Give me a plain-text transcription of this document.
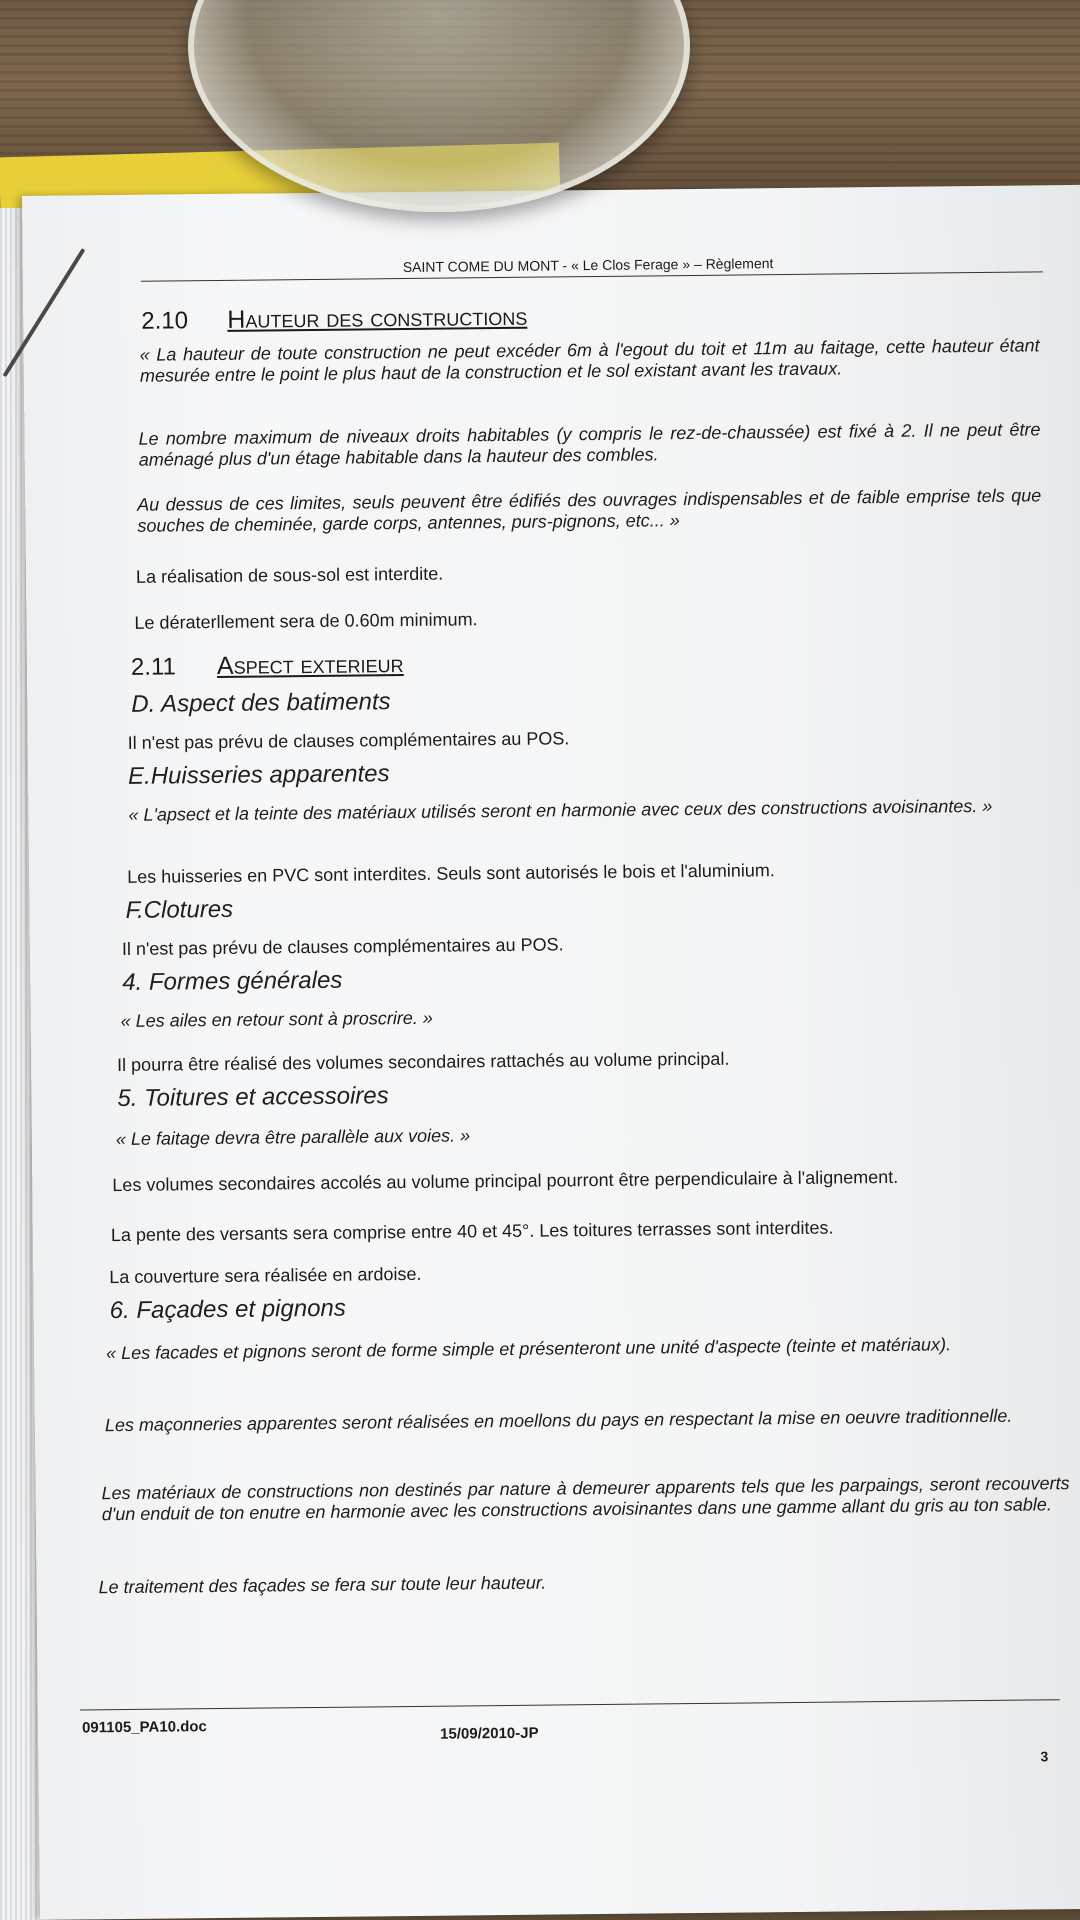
SAINT COME DU MONT - « Le Clos Ferage » – Règlement
2.10 Hauteur des constructions
« La hauteur de toute construction ne peut excéder 6m à l'egout du toit et 11m au faitage, cette hauteur étant mesurée entre le point le plus haut de la construction et le sol existant avant les travaux.
Le nombre maximum de niveaux droits habitables (y compris le rez-de-chaussée) est fixé à 2. Il ne peut être aménagé plus d'un étage habitable dans la hauteur des combles.
Au dessus de ces limites, seuls peuvent être édifiés des ouvrages indispensables et de faible emprise tels que souches de cheminée, garde corps, antennes, purs-pignons, etc... »
La réalisation de sous-sol est interdite.
Le dératerllement sera de 0.60m minimum.
2.11 Aspect exterieur
D. Aspect des batiments
Il n'est pas prévu de clauses complémentaires au POS.
E.Huisseries apparentes
« L'apsect et la teinte des matériaux utilisés seront en harmonie avec ceux des constructions avoisinantes. »
Les huisseries en PVC sont interdites. Seuls sont autorisés le bois et l'aluminium.
F.Clotures
Il n'est pas prévu de clauses complémentaires au POS.
4. Formes générales
« Les ailes en retour sont à proscrire. »
Il pourra être réalisé des volumes secondaires rattachés au volume principal.
5. Toitures et accessoires
« Le faitage devra être parallèle aux voies. »
Les volumes secondaires accolés au volume principal pourront être perpendiculaire à l'alignement.
La pente des versants sera comprise entre 40 et 45°. Les toitures terrasses sont interdites.
La couverture sera réalisée en ardoise.
6. Façades et pignons
« Les facades et pignons seront de forme simple et présenteront une unité d'aspecte (teinte et matériaux).
Les maçonneries apparentes seront réalisées en moellons du pays en respectant la mise en oeuvre traditionnelle.
Les matériaux de constructions non destinés par nature à demeurer apparents tels que les parpaings, seront recouverts d'un enduit de ton enutre en harmonie avec les constructions avoisinantes dans une gamme allant du gris au ton sable.
Le traitement des façades se fera sur toute leur hauteur.
091105_PA10.doc	15/09/2010-JP
3
